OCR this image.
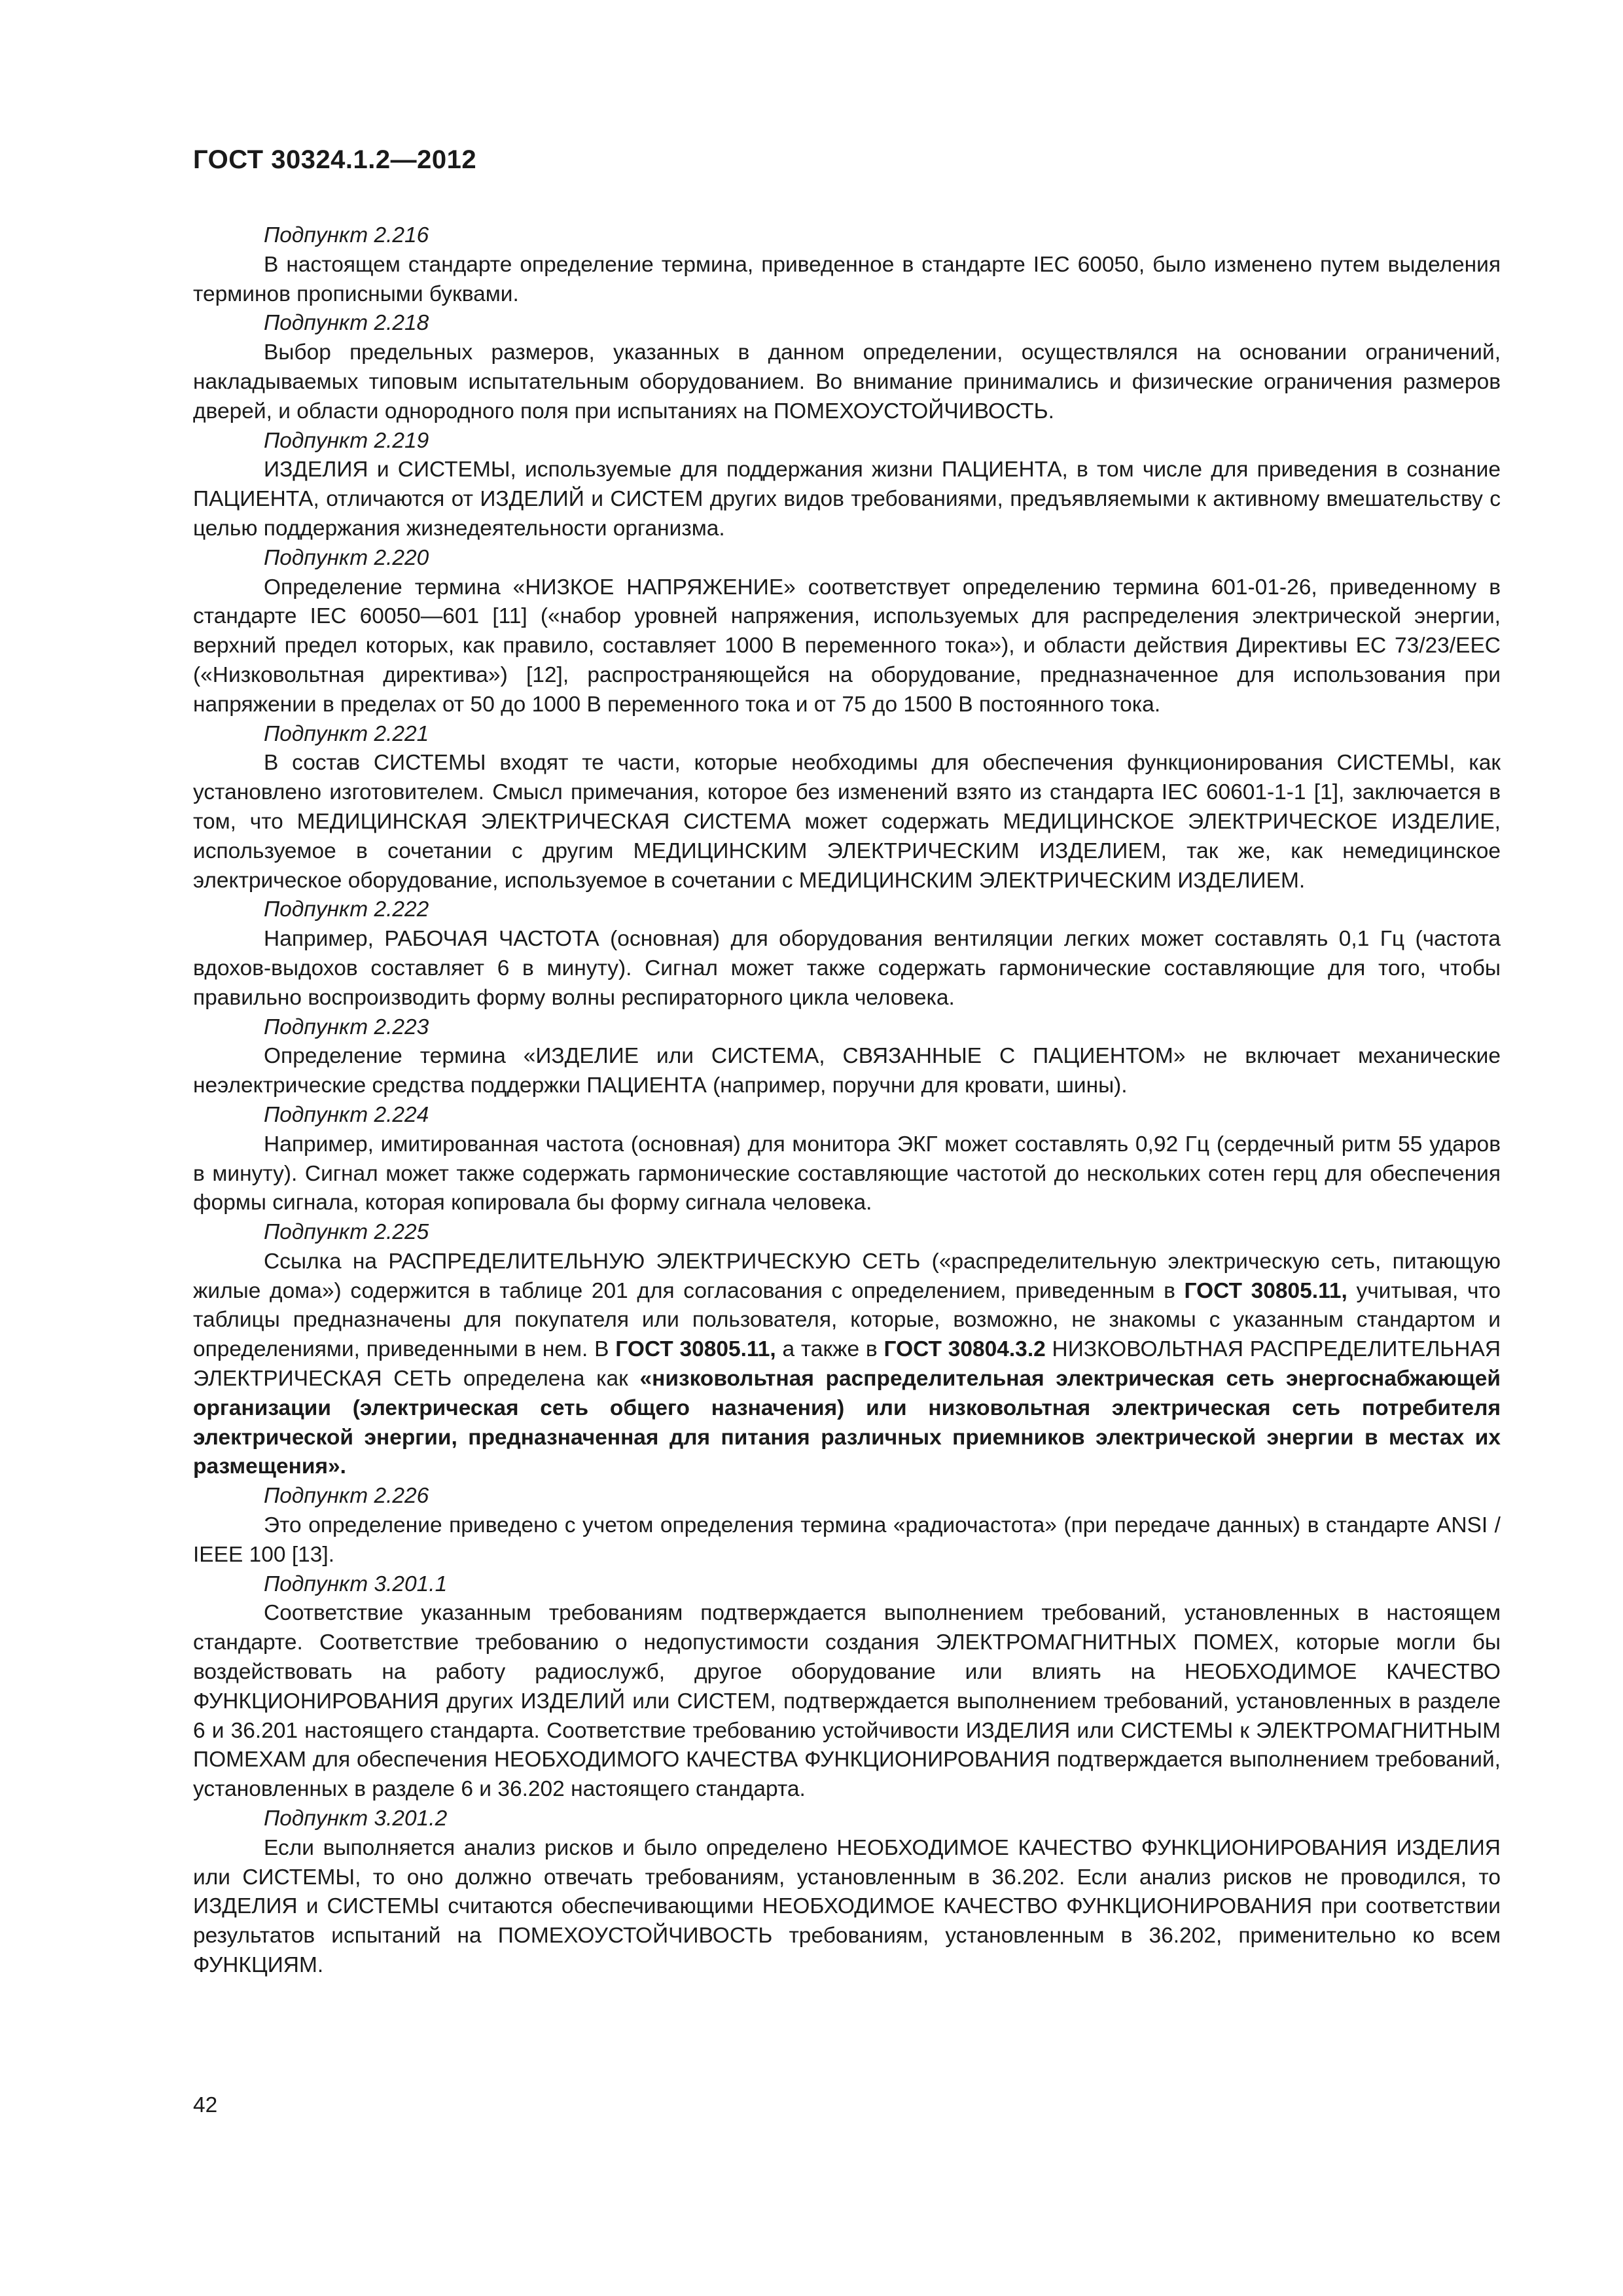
ГОСТ 30324.1.2—2012

Подпункт 2.216

В настоящем стандарте определение термина, приведенное в стандарте IEC 60050, было изменено путем выделения терминов прописными буквами.

Подпункт 2.218

Выбор предельных размеров, указанных в данном определении, осуществлялся на основании ограничений, накладываемых типовым испытательным оборудованием. Во внимание принимались и физические ограничения размеров дверей, и области однородного поля при испытаниях на ПОМЕХОУСТОЙЧИВОСТЬ.

Подпункт 2.219

ИЗДЕЛИЯ и СИСТЕМЫ, используемые для поддержания жизни ПАЦИЕНТА, в том числе для приведения в сознание ПАЦИЕНТА, отличаются от ИЗДЕЛИЙ и СИСТЕМ других видов требованиями, предъявляемыми к активному вмешательству с целью поддержания жизнедеятельности организма.

Подпункт 2.220

Определение термина «НИЗКОЕ НАПРЯЖЕНИЕ» соответствует определению термина 601-01-26, приведенному в стандарте IEC 60050—601 [11] («набор уровней напряжения, используемых для распределения электрической энергии, верхний предел которых, как правило, составляет 1000 В переменного тока»), и области действия Директивы ЕС 73/23/ЕЕС («Низковольтная директива») [12], распространяющейся на оборудование, предназначенное для использования при напряжении в пределах от 50 до 1000 В переменного тока и от 75 до 1500 В постоянного тока.

Подпункт 2.221

В состав СИСТЕМЫ входят те части, которые необходимы для обеспечения функционирования СИСТЕМЫ, как установлено изготовителем. Смысл примечания, которое без изменений взято из стандарта IEC 60601-1-1 [1], заключается в том, что МЕДИЦИНСКАЯ ЭЛЕКТРИЧЕСКАЯ СИСТЕМА может содержать МЕДИЦИНСКОЕ ЭЛЕКТРИЧЕСКОЕ ИЗДЕЛИЕ, используемое в сочетании с другим МЕДИЦИНСКИМ ЭЛЕКТРИЧЕСКИМ ИЗДЕЛИЕМ, так же, как немедицинское электрическое оборудование, используемое в сочетании с МЕДИЦИНСКИМ ЭЛЕКТРИЧЕСКИМ ИЗДЕЛИЕМ.

Подпункт 2.222

Например, РАБОЧАЯ ЧАСТОТА (основная) для оборудования вентиляции легких может составлять 0,1 Гц (частота вдохов-выдохов составляет 6 в минуту). Сигнал может также содержать гармонические составляющие для того, чтобы правильно воспроизводить форму волны респираторного цикла человека.

Подпункт 2.223

Определение термина «ИЗДЕЛИЕ или СИСТЕМА, СВЯЗАННЫЕ С ПАЦИЕНТОМ» не включает механические неэлектрические средства поддержки ПАЦИЕНТА (например, поручни для кровати, шины).

Подпункт 2.224

Например, имитированная частота (основная) для монитора ЭКГ может составлять 0,92 Гц (сердечный ритм 55 ударов в минуту). Сигнал может также содержать гармонические составляющие частотой до нескольких сотен герц для обеспечения формы сигнала, которая копировала бы форму сигнала человека.

Подпункт 2.225

Ссылка на РАСПРЕДЕЛИТЕЛЬНУЮ ЭЛЕКТРИЧЕСКУЮ СЕТЬ («распределительную электрическую сеть, питающую жилые дома») содержится в таблице 201 для согласования с определением, приведенным в ГОСТ 30805.11, учитывая, что таблицы предназначены для покупателя или пользователя, которые, возможно, не знакомы с указанным стандартом и определениями, приведенными в нем. В ГОСТ 30805.11, а также в ГОСТ 30804.3.2 НИЗКОВОЛЬТНАЯ РАСПРЕДЕЛИТЕЛЬНАЯ ЭЛЕКТРИЧЕСКАЯ СЕТЬ определена как «низковольтная распределительная электрическая сеть энергоснабжающей организации (электрическая сеть общего назначения) или низковольтная электрическая сеть потребителя электрической энергии, предназначенная для питания различных приемников электрической энергии в местах их размещения».

Подпункт 2.226

Это определение приведено с учетом определения термина «радиочастота» (при передаче данных) в стандарте ANSI / IEEE 100 [13].

Подпункт 3.201.1

Соответствие указанным требованиям подтверждается выполнением требований, установленных в настоящем стандарте. Соответствие требованию о недопустимости создания ЭЛЕКТРОМАГНИТНЫХ ПОМЕХ, которые могли бы воздействовать на работу радиослужб, другое оборудование или влиять на НЕОБХОДИМОЕ КАЧЕСТВО ФУНКЦИОНИРОВАНИЯ других ИЗДЕЛИЙ или СИСТЕМ, подтверждается выполнением требований, установленных в разделе 6 и 36.201 настоящего стандарта. Соответствие требованию устойчивости ИЗДЕЛИЯ или СИСТЕМЫ к ЭЛЕКТРОМАГНИТНЫМ ПОМЕХАМ для обеспечения НЕОБХОДИМОГО КАЧЕСТВА ФУНКЦИОНИРОВАНИЯ подтверждается выполнением требований, установленных в разделе 6 и 36.202 настоящего стандарта.

Подпункт 3.201.2

Если выполняется анализ рисков и было определено НЕОБХОДИМОЕ КАЧЕСТВО ФУНКЦИОНИРОВАНИЯ ИЗДЕЛИЯ или СИСТЕМЫ, то оно должно отвечать требованиям, установленным в 36.202. Если анализ рисков не проводился, то ИЗДЕЛИЯ и СИСТЕМЫ считаются обеспечивающими НЕОБХОДИМОЕ КАЧЕСТВО ФУНКЦИОНИРОВАНИЯ при соответствии результатов испытаний на ПОМЕХОУСТОЙЧИВОСТЬ требованиям, установленным в 36.202, применительно ко всем ФУНКЦИЯМ.

42
